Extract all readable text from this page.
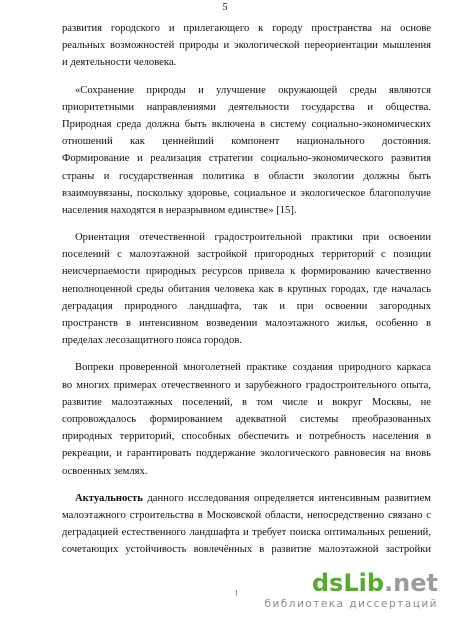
5
развития городского и прилегающего к городу пространства на основе
реальных возможностей природы и экологической переориентации мышления
и деятельности человека.
«Сохранение природы и улучшение окружающей среды являются
приоритетными направлениями деятельности государства и общества.
Природная среда должна быть включена в систему социально-экономических
отношений как ценнейший компонент национального достояния.
Формирование и реализация стратегии социально-экономического развития
страны и государственная политика в области экологии должны быть
взаимоувязаны, поскольку здоровье, социальное и экологическое благополучие
населения находятся в неразрывном единстве» [15].
Ориентация отечественной градостроительной практики при освоении
поселений с малоэтажной застройкой пригородных территорий с позиции
неисчерпаемости природных ресурсов привела к формированию качественно
неполноценной среды обитания человека как в крупных городах, где началась
деградация природного ландшафта, так и при освоении загородных
пространств в интенсивном возведении малоэтажного жилья, особенно в
пределах лесозащитного пояса городов.
Вопреки проверенной многолетней практике создания природного каркаса
во многих примерах отечественного и зарубежного градостроительного опыта,
развитие малоэтажных поселений, в том числе и вокруг Москвы, не
сопровождалось формированием адекватной системы преобразованных
природных территорий, способных обеспечить и потребность населения в
рекреации, и гарантировать поддержание экологического равновесия на вновь
освоенных землях.
Актуальность данного исследования определяется интенсивным развитием
малоэтажного строительства в Московской области, непосредственно связано с
деградацией естественного ландшафта и требует поиска оптимальных решений,
сочетающих устойчивость вовлечённых в развитие малоэтажной застройки
dsLib.net
библиотека диссертаций
